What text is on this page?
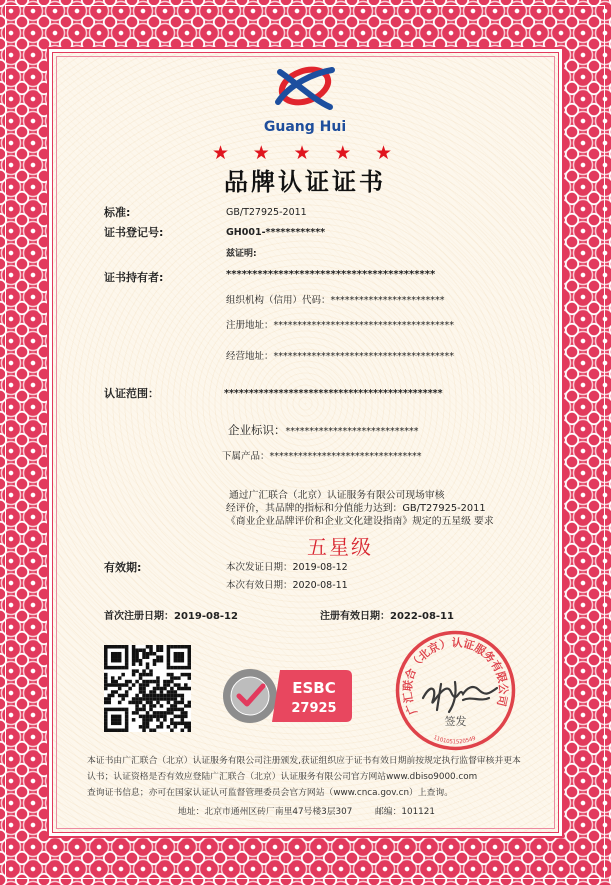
Guang Hui
★ ★ ★ ★ ★
品牌认证证书
标准:	GB/T27925-2011
证书登记号:	GH001-************
兹证明:
证书持有者:	****************************************
组织机构（信用）代码：************************
注册地址：**************************************
经营地址：**************************************
认证范围：	********************************************
企业标识：****************************
下属产品：********************************
通过广汇联合（北京）认证服务有限公司现场审核
经评价，其品牌的指标和分值能力达到：GB/T27925-2011
《商业企业品牌评价和企业文化建设指南》规定的五星级 要求
五星级
有效期:	本次发证日期：2019-08-12
本次有效日期：2020-08-11
首次注册日期：2019-08-12	注册有效日期：2022-08-11
ESBC
27925	广汇联合（北京）认证服务有限公司
1101051520549
签发
本证书由广汇联合（北京）认证服务有限公司注册颁发,获证组织应于证书有效日期前按规定执行监督审核并更本
认书；认证资格是否有效应登陆广汇联合（北京）认证服务有限公司官方网站www.dbiso9000.com
查询证书信息；亦可在国家认证认可监督管理委员会官方网站（www.cnca.gov.cn）上查询。
地址：北京市通州区砖厂南里47号楼3层307	邮编：101121
